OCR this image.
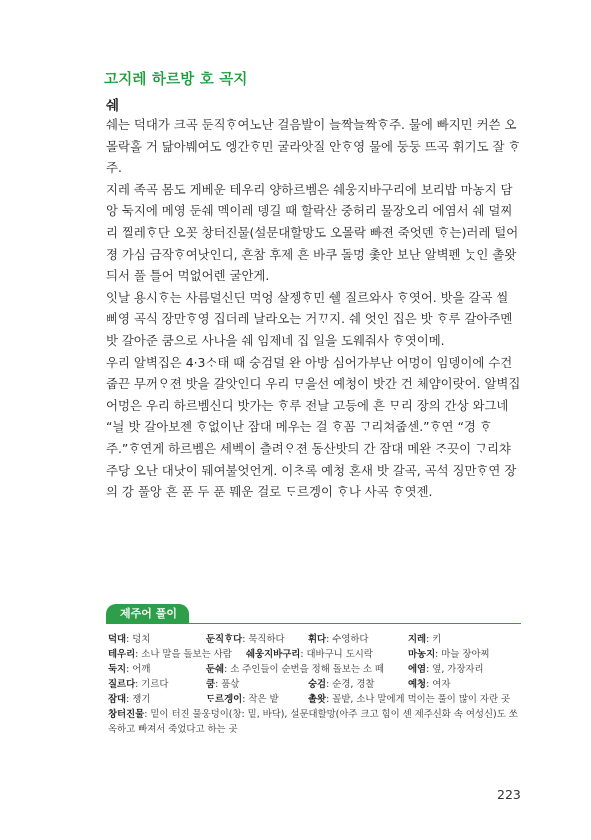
고지레 하르방 호 곡지
쉐

쉐는 덕대가 크곡 둔직ᄒᆞ여노난 걸음발이 늘짝늘짝ᄒᆞ주. 물에 빠지민 커쓴 오몰락홀 거 닮아붸여도 엥간ᄒᆞ민 굴라앗질 안ᄒᆞ영 물에 둥둥 뜨곡 휘기도 잘 ᄒᆞ주.

지레 족곡 몸도 게베운 테우리 양하르벰은 쉐웅지바구리에 보리밥 마농지 담앙 둑지에 메영 둔쉐 멕이레 뎅길 때 할락산 중허리 물장오리 에염서 쉐 덜찌리 찔레ᄒᆞ단 오꼿 창터진물(설문대할망도 오몰락 빠젼 죽엇덴 ᄒᆞ는)러레 털어졍 가심 금작ᄒᆞ여낫인디, 흔참 후제 흔 바쿠 돌멍 촟안 보난 알벽펜 ᄂᆞᆺ인 촐왓듸서 풀 틀어 먹없어렌 굴안게.

잇날 용시ᄒᆞ는 사름덜신딘 먹엉 살젱ᄒᆞ민 쉘 질르와사 ᄒᆞ엿어. 밧을 갈곡 씰 삐영 곡식 장만ᄒᆞ영 집더레 날라오는 거ᄁᆞ지. 쉐 엇인 집은 밧 ᄒᆞ루 갈아주멘 밧 갈아준 쿰으로 사나을 쉐 임제네 집 일을 도웨줘사 ᄒᆞ엿이메.

우리 알벽집은 4·3ᄉᆞ태 때 숭검덜 완 아방 심어가부난 어멍이 임뎅이에 수건 줍끈 무꺼ᄋᆞ젼 밧을 갈앗인디 우리 ᄆᆞ을선 예청이 밧간 건 체얌이랏어. 알벽집 어멍은 우리 하르벰신디 밧가는 ᄒᆞ루 전날 고등에 흔 ᄆᆞ리 장의 간상 와그네 “늴 밧 갈아보젠 ᄒᆞ없이난 잠대 메우는 걸 ᄒᆞ꼼 ᄀᆞ리쳐줍센.”ᄒᆞ연 “경 ᄒᆞ주.”ᄒᆞ연게 하르벰은 세벡이 츨려ᄋᆞ젼 동산밧듸 간 잠대 메완 ᄌᆞ끗이 ᄀᆞ리챠 주당 오난 대낫이 뒈여불엇언게. 이ᄎᆞ록 예청 혼새 밧 갈곡, 곡석 징만ᄒᆞ연 장의 강 풀앙 흔 푼 두 푼 뭬운 걸로 ᄃᆞ르겡이 ᄒᆞ나 사곡 ᄒᆞ엿젠.

제주어 풀이
덕대: 덩치	둔직ᄒᆞ다: 묵직하다 휘다: 수영하다	지레: 키
테우리: 소나 말을 돌보는 사람 쉐웅지바구리: 대바구니 도시락	마농지: 마늘 장아찌
둑지: 어깨	둔쉐: 소 주인들이 순번을 정해 돌보는 소 떼	에염: 옆, 가장자리
질르다: 기르다	쿰: 품삯	숭검: 순경, 경찰	예청: 여자
잠대: 쟁기	ᄃᆞ르겡이: 작은 밭	촐왓: 꼴밭, 소나 말에게 먹이는 풀이 많이 자란 곳
창터진물: 밑이 터진 물웅덩이(창: 밑, 바닥), 설문대할망(아주 크고 힘이 센 제주신화 속 여성신)도 쏘옥하고 빠져서 죽었다고 하는 곳
223
